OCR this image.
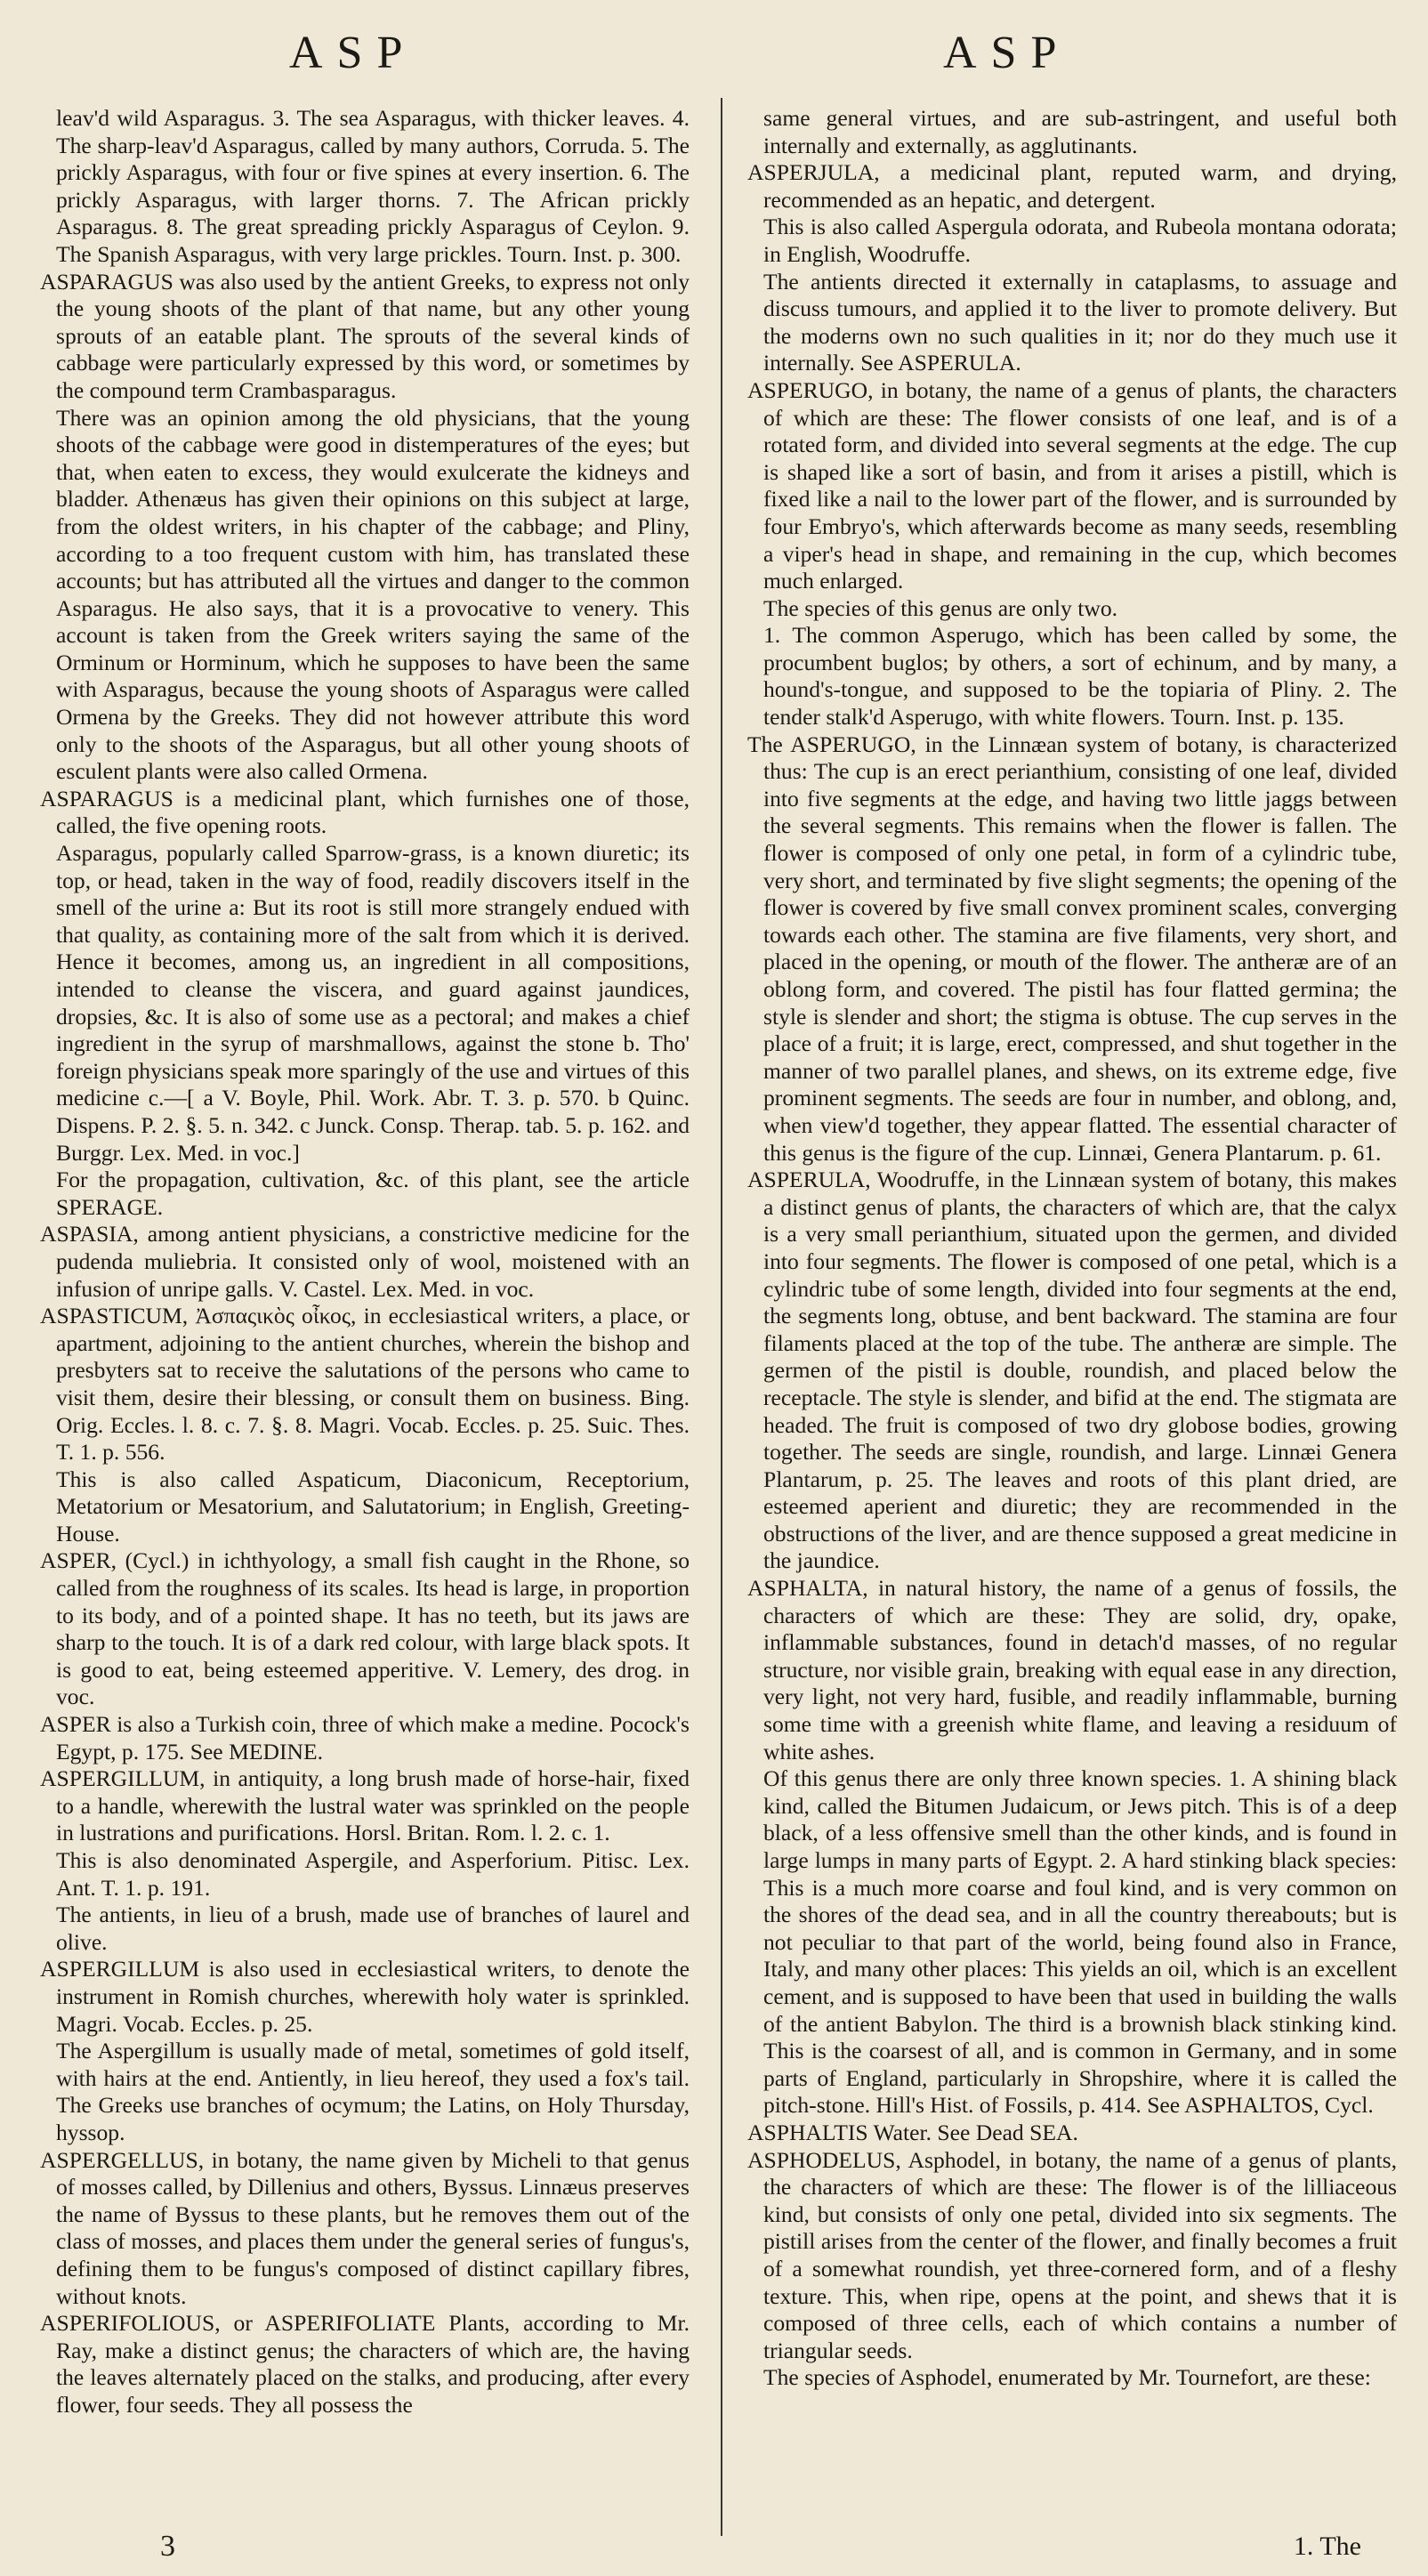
ASP	ASP

leav'd wild Asparagus. 3. The sea Asparagus, with thicker leaves. 4. The sharp-leav'd Asparagus, called by many authors, Corruda. 5. The prickly Asparagus, with four or five spines at every insertion. 6. The prickly Asparagus, with larger thorns. 7. The African prickly Asparagus. 8. The great spreading prickly Asparagus of Ceylon. 9. The Spanish Asparagus, with very large prickles. Tourn. Inst. p. 300.

ASPARAGUS was also used by the antient Greeks, to express not only the young shoots of the plant of that name, but any other young sprouts of an eatable plant. The sprouts of the several kinds of cabbage were particularly expressed by this word, or sometimes by the compound term Crambasparagus.

There was an opinion among the old physicians, that the young shoots of the cabbage were good in distemperatures of the eyes; but that, when eaten to excess, they would exulcerate the kidneys and bladder. Athenæus has given their opinions on this subject at large, from the oldest writers, in his chapter of the cabbage; and Pliny, according to a too frequent custom with him, has translated these accounts; but has attributed all the virtues and danger to the common Asparagus. He also says, that it is a provocative to venery. This account is taken from the Greek writers saying the same of the Orminum or Horminum, which he supposes to have been the same with Asparagus, because the young shoots of Asparagus were called Ormena by the Greeks. They did not however attribute this word only to the shoots of the Asparagus, but all other young shoots of esculent plants were also called Ormena.

ASPARAGUS is a medicinal plant, which furnishes one of those, called, the five opening roots.

Asparagus, popularly called Sparrow-grass, is a known diuretic; its top, or head, taken in the way of food, readily discovers itself in the smell of the urine a: But its root is still more strangely endued with that quality, as containing more of the salt from which it is derived. Hence it becomes, among us, an ingredient in all compositions, intended to cleanse the viscera, and guard against jaundices, dropsies, &c. It is also of some use as a pectoral; and makes a chief ingredient in the syrup of marshmallows, against the stone b. Tho' foreign physicians speak more sparingly of the use and virtues of this medicine c.—[ a V. Boyle, Phil. Work. Abr. T. 3. p. 570. b Quinc. Dispens. P. 2. §. 5. n. 342. c Junck. Consp. Therap. tab. 5. p. 162. and Burggr. Lex. Med. in voc.]

For the propagation, cultivation, &c. of this plant, see the article SPERAGE.

ASPASIA, among antient physicians, a constrictive medicine for the pudenda muliebria. It consisted only of wool, moistened with an infusion of unripe galls. V. Castel. Lex. Med. in voc.

ASPASTICUM, Ἀσπαςικὸς οἶκος, in ecclesiastical writers, a place, or apartment, adjoining to the antient churches, wherein the bishop and presbyters sat to receive the salutations of the persons who came to visit them, desire their blessing, or consult them on business. Bing. Orig. Eccles. l. 8. c. 7. §. 8. Magri. Vocab. Eccles. p. 25. Suic. Thes. T. 1. p. 556.

This is also called Aspaticum, Diaconicum, Receptorium, Metatorium or Mesatorium, and Salutatorium; in English, Greeting-House.

ASPER, (Cycl.) in ichthyology, a small fish caught in the Rhone, so called from the roughness of its scales. Its head is large, in proportion to its body, and of a pointed shape. It has no teeth, but its jaws are sharp to the touch. It is of a dark red colour, with large black spots. It is good to eat, being esteemed apperitive. V. Lemery, des drog. in voc.

ASPER is also a Turkish coin, three of which make a medine. Pocock's Egypt, p. 175. See MEDINE.

ASPERGILLUM, in antiquity, a long brush made of horse-hair, fixed to a handle, wherewith the lustral water was sprinkled on the people in lustrations and purifications. Horsl. Britan. Rom. l. 2. c. 1.

This is also denominated Aspergile, and Asperforium. Pitisc. Lex. Ant. T. 1. p. 191.

The antients, in lieu of a brush, made use of branches of laurel and olive.

ASPERGILLUM is also used in ecclesiastical writers, to denote the instrument in Romish churches, wherewith holy water is sprinkled. Magri. Vocab. Eccles. p. 25.

The Aspergillum is usually made of metal, sometimes of gold itself, with hairs at the end. Antiently, in lieu hereof, they used a fox's tail. The Greeks use branches of ocymum; the Latins, on Holy Thursday, hyssop.

ASPERGELLUS, in botany, the name given by Micheli to that genus of mosses called, by Dillenius and others, Byssus. Linnæus preserves the name of Byssus to these plants, but he removes them out of the class of mosses, and places them under the general series of fungus's, defining them to be fungus's composed of distinct capillary fibres, without knots.

ASPERIFOLIOUS, or ASPERIFOLIATE Plants, according to Mr. Ray, make a distinct genus; the characters of which are, the having the leaves alternately placed on the stalks, and producing, after every flower, four seeds. They all possess the

same general virtues, and are sub-astringent, and useful both internally and externally, as agglutinants.

ASPERJULA, a medicinal plant, reputed warm, and drying, recommended as an hepatic, and detergent.

This is also called Aspergula odorata, and Rubeola montana odorata; in English, Woodruffe.

The antients directed it externally in cataplasms, to assuage and discuss tumours, and applied it to the liver to promote delivery. But the moderns own no such qualities in it; nor do they much use it internally. See ASPERULA.

ASPERUGO, in botany, the name of a genus of plants, the characters of which are these: The flower consists of one leaf, and is of a rotated form, and divided into several segments at the edge. The cup is shaped like a sort of basin, and from it arises a pistill, which is fixed like a nail to the lower part of the flower, and is surrounded by four Embryo's, which afterwards become as many seeds, resembling a viper's head in shape, and remaining in the cup, which becomes much enlarged.

The species of this genus are only two.

1. The common Asperugo, which has been called by some, the procumbent buglos; by others, a sort of echinum, and by many, a hound's-tongue, and supposed to be the topiaria of Pliny. 2. The tender stalk'd Asperugo, with white flowers. Tourn. Inst. p. 135.

The ASPERUGO, in the Linnæan system of botany, is characterized thus: The cup is an erect perianthium, consisting of one leaf, divided into five segments at the edge, and having two little jaggs between the several segments. This remains when the flower is fallen. The flower is composed of only one petal, in form of a cylindric tube, very short, and terminated by five slight segments; the opening of the flower is covered by five small convex prominent scales, converging towards each other. The stamina are five filaments, very short, and placed in the opening, or mouth of the flower. The antheræ are of an oblong form, and covered. The pistil has four flatted germina; the style is slender and short; the stigma is obtuse. The cup serves in the place of a fruit; it is large, erect, compressed, and shut together in the manner of two parallel planes, and shews, on its extreme edge, five prominent segments. The seeds are four in number, and oblong, and, when view'd together, they appear flatted. The essential character of this genus is the figure of the cup. Linnæi, Genera Plantarum. p. 61.

ASPERULA, Woodruffe, in the Linnæan system of botany, this makes a distinct genus of plants, the characters of which are, that the calyx is a very small perianthium, situated upon the germen, and divided into four segments. The flower is composed of one petal, which is a cylindric tube of some length, divided into four segments at the end, the segments long, obtuse, and bent backward. The stamina are four filaments placed at the top of the tube. The antheræ are simple. The germen of the pistil is double, roundish, and placed below the receptacle. The style is slender, and bifid at the end. The stigmata are headed. The fruit is composed of two dry globose bodies, growing together. The seeds are single, roundish, and large. Linnæi Genera Plantarum, p. 25. The leaves and roots of this plant dried, are esteemed aperient and diuretic; they are recommended in the obstructions of the liver, and are thence supposed a great medicine in the jaundice.

ASPHALTA, in natural history, the name of a genus of fossils, the characters of which are these: They are solid, dry, opake, inflammable substances, found in detach'd masses, of no regular structure, nor visible grain, breaking with equal ease in any direction, very light, not very hard, fusible, and readily inflammable, burning some time with a greenish white flame, and leaving a residuum of white ashes.

Of this genus there are only three known species. 1. A shining black kind, called the Bitumen Judaicum, or Jews pitch. This is of a deep black, of a less offensive smell than the other kinds, and is found in large lumps in many parts of Egypt. 2. A hard stinking black species: This is a much more coarse and foul kind, and is very common on the shores of the dead sea, and in all the country thereabouts; but is not peculiar to that part of the world, being found also in France, Italy, and many other places: This yields an oil, which is an excellent cement, and is supposed to have been that used in building the walls of the antient Babylon. The third is a brownish black stinking kind. This is the coarsest of all, and is common in Germany, and in some parts of England, particularly in Shropshire, where it is called the pitch-stone. Hill's Hist. of Fossils, p. 414. See ASPHALTOS, Cycl.

ASPHALTIS Water. See Dead SEA.

ASPHODELUS, Asphodel, in botany, the name of a genus of plants, the characters of which are these: The flower is of the lilliaceous kind, but consists of only one petal, divided into six segments. The pistill arises from the center of the flower, and finally becomes a fruit of a somewhat roundish, yet three-cornered form, and of a fleshy texture. This, when ripe, opens at the point, and shews that it is composed of three cells, each of which contains a number of triangular seeds.

The species of Asphodel, enumerated by Mr. Tournefort, are these:

3	1. The
